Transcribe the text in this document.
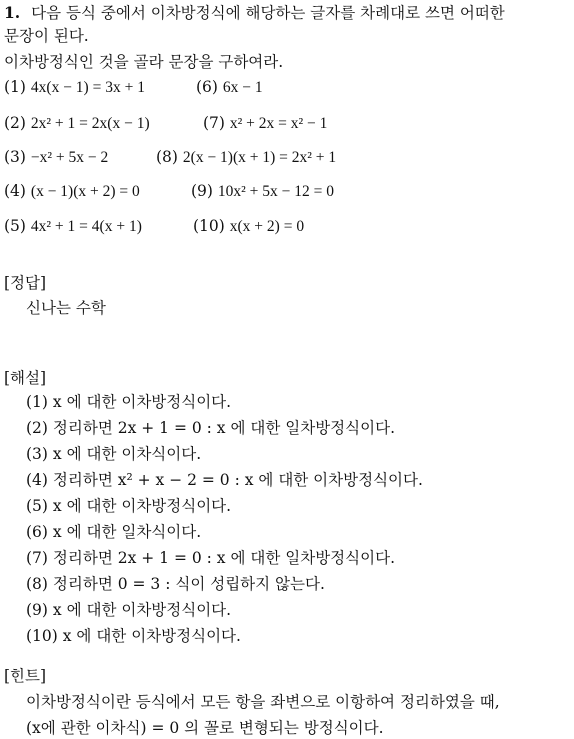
1. 다음 등식 중에서 이차방정식에 해당하는 글자를 차례대로 쓰면 어떠한
문장이 된다.
이차방정식인 것을 골라 문장을 구하여라.
(1) 4x(x − 1) = 3x + 1	(6) 6x − 1
(2) 2x² + 1 = 2x(x − 1)	(7) x² + 2x = x² − 1
(3) −x² + 5x − 2	(8) 2(x − 1)(x + 1) = 2x² + 1
(4) (x − 1)(x + 2) = 0	(9) 10x² + 5x − 12 = 0
(5) 4x² + 1 = 4(x + 1)	(10) x(x + 2) = 0
[정답]
신나는 수학
[해설]
(1) x 에 대한 이차방정식이다.
(2) 정리하면 2x + 1 = 0 : x 에 대한 일차방정식이다.
(3) x 에 대한 이차식이다.
(4) 정리하면 x² + x − 2 = 0 : x 에 대한 이차방정식이다.
(5) x 에 대한 이차방정식이다.
(6) x 에 대한 일차식이다.
(7) 정리하면 2x + 1 = 0 : x 에 대한 일차방정식이다.
(8) 정리하면 0 = 3 : 식이 성립하지 않는다.
(9) x 에 대한 이차방정식이다.
(10) x 에 대한 이차방정식이다.
[힌트]
이차방정식이란 등식에서 모든 항을 좌변으로 이항하여 정리하였을 때,
(x에 관한 이차식) = 0 의 꼴로 변형되는 방정식이다.
